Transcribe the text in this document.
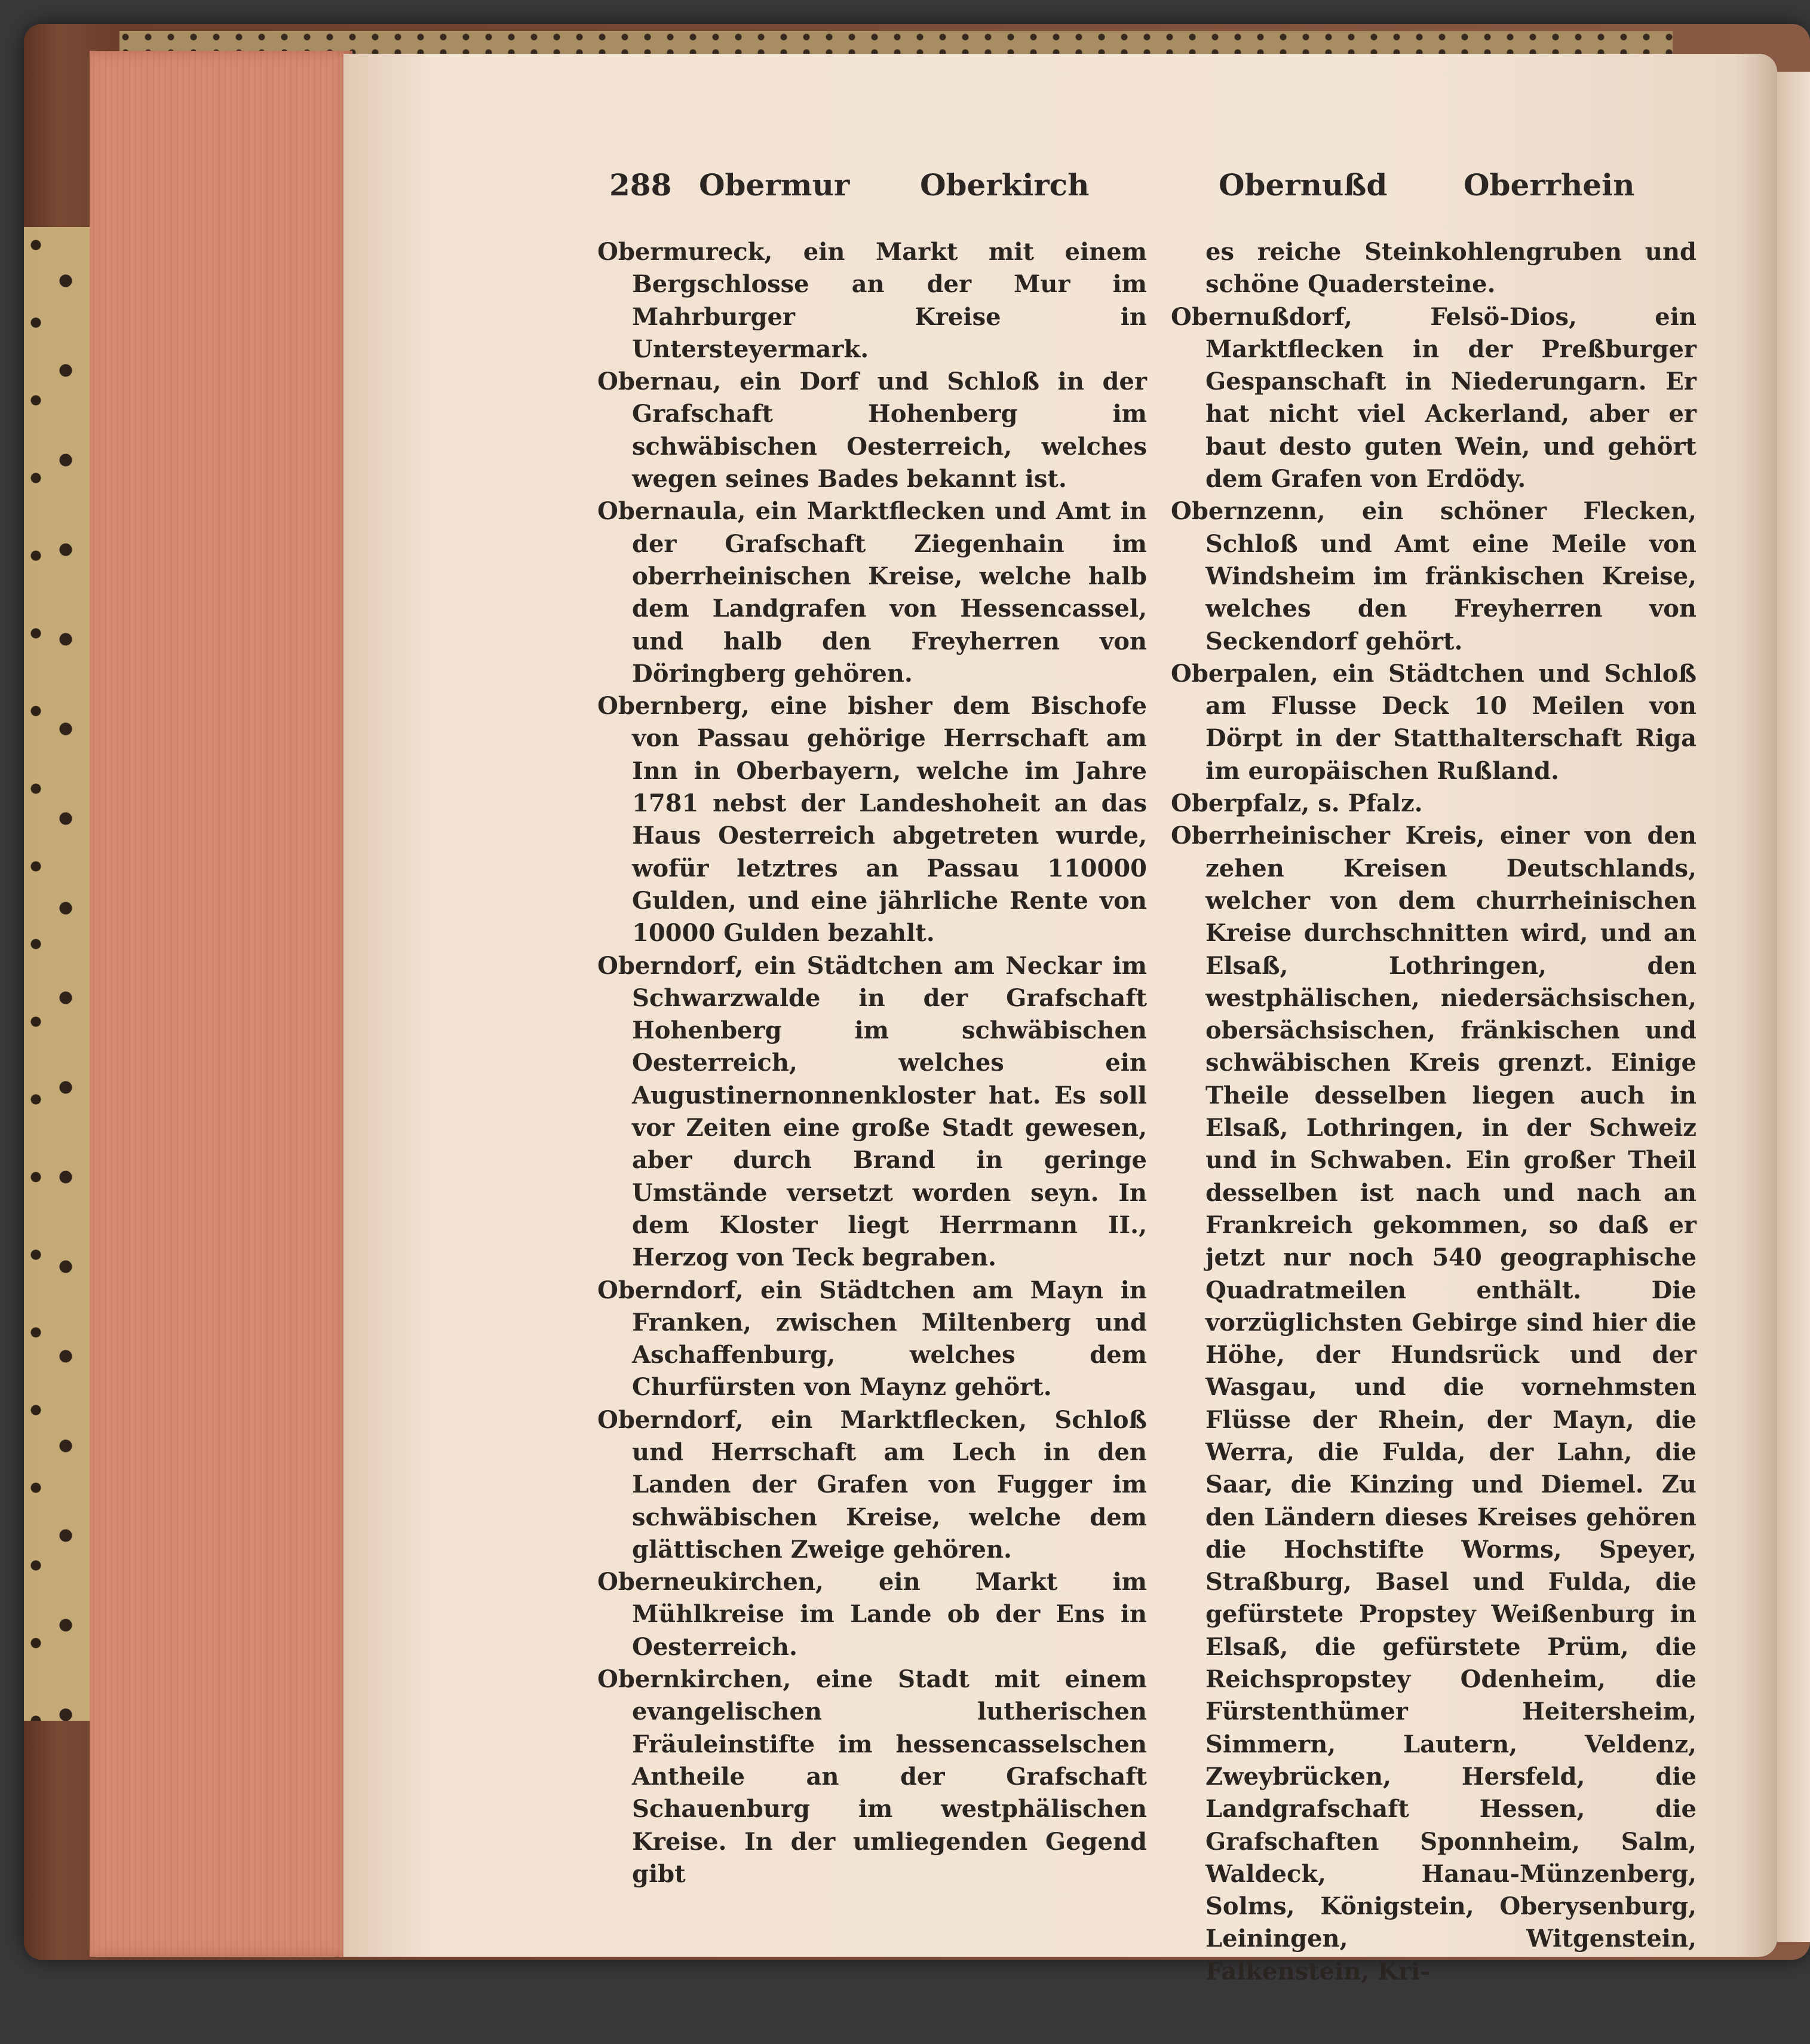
288 Obermur Oberkirch	Obernußd	Oberrhein

Obermureck, ein Markt mit einem Bergschlosse an der Mur im Mahrburger Kreise in Untersteyermark.

Obernau, ein Dorf und Schloß in der Grafschaft Hohenberg im schwäbischen Oesterreich, welches wegen seines Bades bekannt ist.

Obernaula, ein Marktflecken und Amt in der Grafschaft Ziegenhain im oberrheinischen Kreise, welche halb dem Landgrafen von Hessencassel, und halb den Freyherren von Döringberg gehören.

Obernberg, eine bisher dem Bischofe von Passau gehörige Herrschaft am Inn in Oberbayern, welche im Jahre 1781 nebst der Landeshoheit an das Haus Oesterreich abgetreten wurde, wofür letztres an Passau 110000 Gulden, und eine jährliche Rente von 10000 Gulden bezahlt.

Oberndorf, ein Städtchen am Neckar im Schwarzwalde in der Grafschaft Hohenberg im schwäbischen Oesterreich, welches ein Augustinernonnenkloster hat. Es soll vor Zeiten eine große Stadt gewesen, aber durch Brand in geringe Umstände versetzt worden seyn. In dem Kloster liegt Herrmann II., Herzog von Teck begraben.

Oberndorf, ein Städtchen am Mayn in Franken, zwischen Miltenberg und Aschaffenburg, welches dem Churfürsten von Maynz gehört.

Oberndorf, ein Marktflecken, Schloß und Herrschaft am Lech in den Landen der Grafen von Fugger im schwäbischen Kreise, welche dem glättischen Zweige gehören.

Oberneukirchen, ein Markt im Mühlkreise im Lande ob der Ens in Oesterreich.

Obernkirchen, eine Stadt mit einem evangelischen lutherischen Fräuleinstifte im hessencasselschen Antheile an der Grafschaft Schauenburg im westphälischen Kreise. In der umliegenden Gegend gibt

es reiche Steinkohlengruben und schöne Quadersteine.

Obernußdorf, Felsö-Dios, ein Marktflecken in der Preßburger Gespanschaft in Niederungarn. Er hat nicht viel Ackerland, aber er baut desto guten Wein, und gehört dem Grafen von Erdödy.

Obernzenn, ein schöner Flecken, Schloß und Amt eine Meile von Windsheim im fränkischen Kreise, welches den Freyherren von Seckendorf gehört.

Oberpalen, ein Städtchen und Schloß am Flusse Deck 10 Meilen von Dörpt in der Statthalterschaft Riga im europäischen Rußland.

Oberpfalz, s. Pfalz.

Oberrheinischer Kreis, einer von den zehen Kreisen Deutschlands, welcher von dem churrheinischen Kreise durchschnitten wird, und an Elsaß, Lothringen, den westphälischen, niedersächsischen, obersächsischen, fränkischen und schwäbischen Kreis grenzt. Einige Theile desselben liegen auch in Elsaß, Lothringen, in der Schweiz und in Schwaben. Ein großer Theil desselben ist nach und nach an Frankreich gekommen, so daß er jetzt nur noch 540 geographische Quadratmeilen enthält. Die vorzüglichsten Gebirge sind hier die Höhe, der Hundsrück und der Wasgau, und die vornehmsten Flüsse der Rhein, der Mayn, die Werra, die Fulda, der Lahn, die Saar, die Kinzing und Diemel. Zu den Ländern dieses Kreises gehören die Hochstifte Worms, Speyer, Straßburg, Basel und Fulda, die gefürstete Propstey Weißenburg in Elsaß, die gefürstete Prüm, die Reichspropstey Odenheim, die Fürstenthümer Heitersheim, Simmern, Lautern, Veldenz, Zweybrücken, Hersfeld, die Landgrafschaft Hessen, die Grafschaften Sponnheim, Salm, Waldeck, Hanau-Münzenberg, Solms, Königstein, Oberysenburg, Leiningen, Witgenstein, Falkenstein, Kri-
